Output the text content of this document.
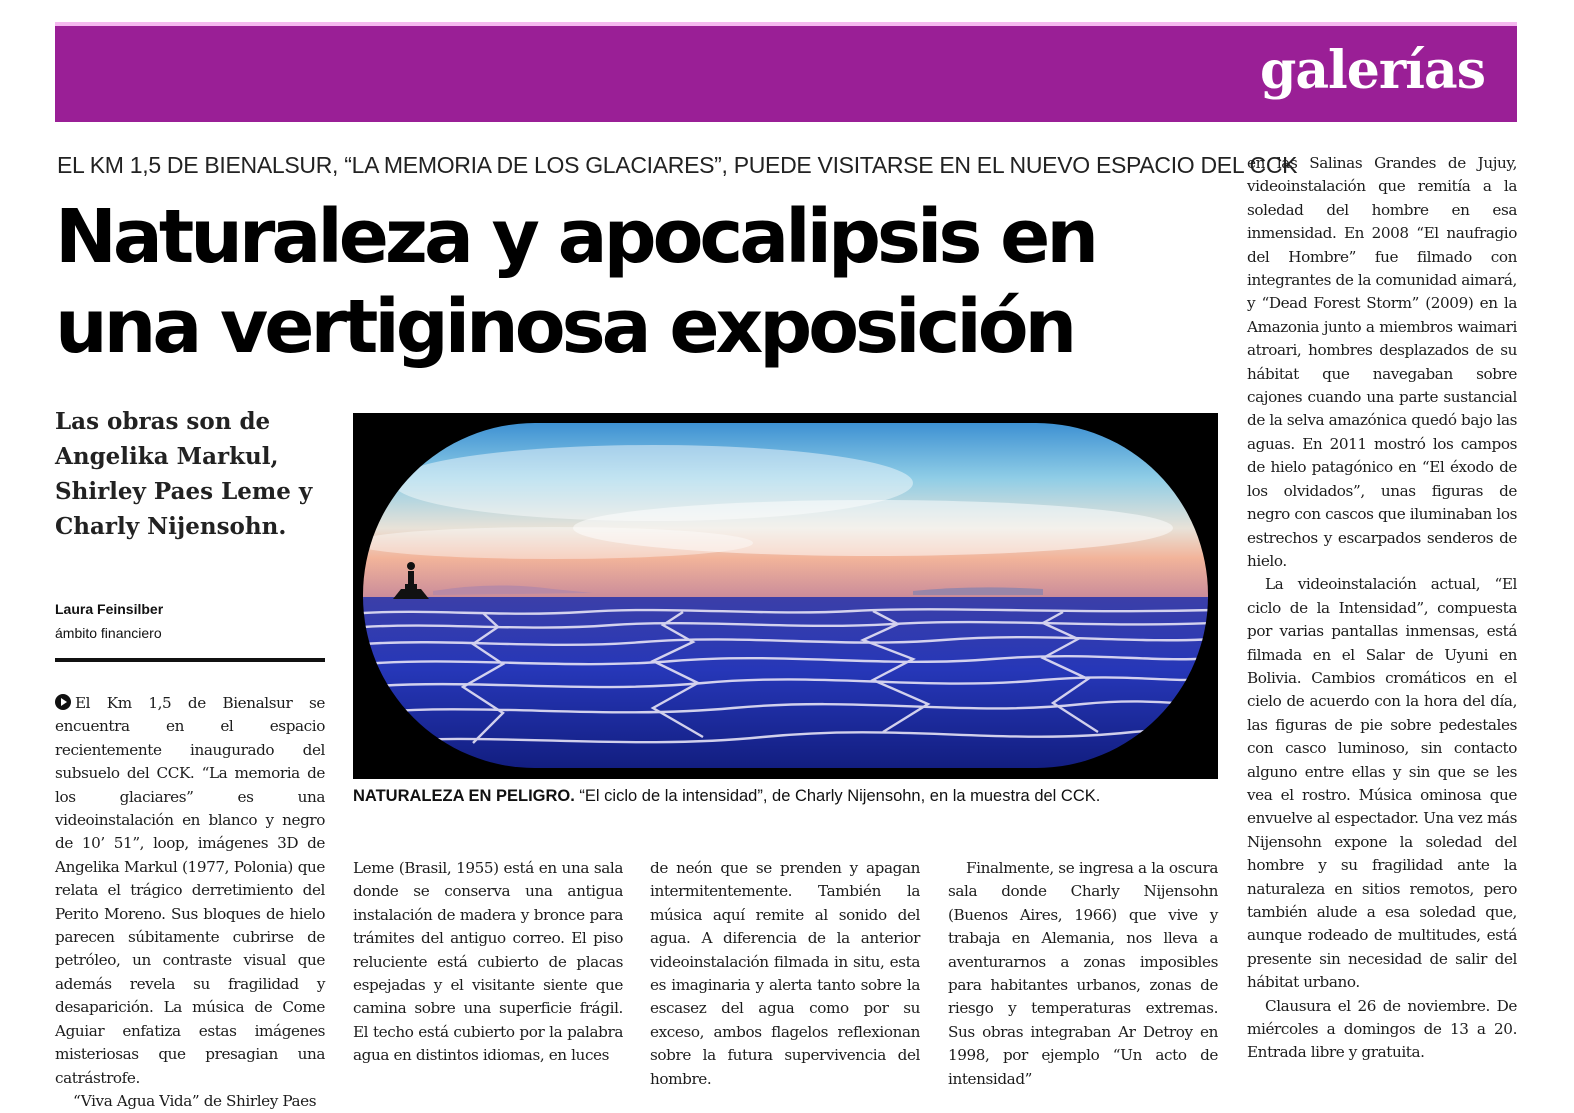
galerías
EL KM 1,5 DE BIENALSUR, “LA MEMORIA DE LOS GLACIARES”, PUEDE VISITARSE EN EL NUEVO ESPACIO DEL CCK
Naturaleza y apocalipsis en
una vertiginosa exposición
Las obras son de Angelika Markul, Shirley Paes Leme y Charly Nijensohn.
Laura Feinsilber
ámbito financiero
NATURALEZA EN PELIGRO. “El ciclo de la intensidad”, de Charly Nijensohn, en la muestra del CCK.

El Km 1,5 de Bienalsur se encuentra en el espacio recientemente inaugurado del subsuelo del CCK. “La memoria de los glaciares” es una videoinstalación en blanco y negro de 10’ 51”, loop, imágenes 3D de Angelika Markul (1977, Polonia) que relata el trágico derretimiento del Perito Moreno. Sus bloques de hielo parecen súbitamente cubrirse de petróleo, un contraste visual que además revela su fragilidad y desaparición. La música de Come Aguiar enfatiza estas imágenes misteriosas que presagian una catrástrofe.

“Viva Agua Vida” de Shirley Paes

Leme (Brasil, 1955) está en una sala donde se conserva una antigua instalación de madera y bronce para trámites del antiguo correo. El piso reluciente está cubierto de placas espejadas y el visitante siente que camina sobre una superficie frágil. El techo está cubierto por la palabra agua en distintos idiomas, en luces

de neón que se prenden y apagan intermitentemente. También la música aquí remite al sonido del agua. A diferencia de la anterior videoinstalación filmada in situ, esta es imaginaria y alerta tanto sobre la escasez del agua como por su exceso, ambos flagelos reflexionan sobre la futura supervivencia del hombre.

Finalmente, se ingresa a la oscura sala donde Charly Nijensohn (Buenos Aires, 1966) que vive y trabaja en Alemania, nos lleva a aventurarnos a zonas imposibles para habitantes urbanos, zonas de riesgo y temperaturas extremas. Sus obras integraban Ar Detroy en 1998, por ejemplo “Un acto de intensidad”

en las Salinas Grandes de Jujuy, videoinstalación que remitía a la soledad del hombre en esa inmensidad. En 2008 “El naufragio del Hombre” fue filmado con integrantes de la comunidad aimará, y “Dead Forest Storm” (2009) en la Amazonia junto a miembros waimari atroari, hombres desplazados de su hábitat que navegaban sobre cajones cuando una parte sustancial de la selva amazónica quedó bajo las aguas. En 2011 mostró los campos de hielo patagónico en “El éxodo de los olvidados”, unas figuras de negro con cascos que iluminaban los estrechos y escarpados senderos de hielo.

La videoinstalación actual, “El ciclo de la Intensidad”, compuesta por varias pantallas inmensas, está filmada en el Salar de Uyuni en Bolivia. Cambios cromáticos en el cielo de acuerdo con la hora del día, las figuras de pie sobre pedestales con casco luminoso, sin contacto alguno entre ellas y sin que se les vea el rostro. Música ominosa que envuelve al espectador. Una vez más Nijensohn expone la soledad del hombre y su fragilidad ante la naturaleza en sitios remotos, pero también alude a esa soledad que, aunque rodeado de multitudes, está presente sin necesidad de salir del hábitat urbano.

Clausura el 26 de noviembre. De miércoles a domingos de 13 a 20. Entrada libre y gratuita.
